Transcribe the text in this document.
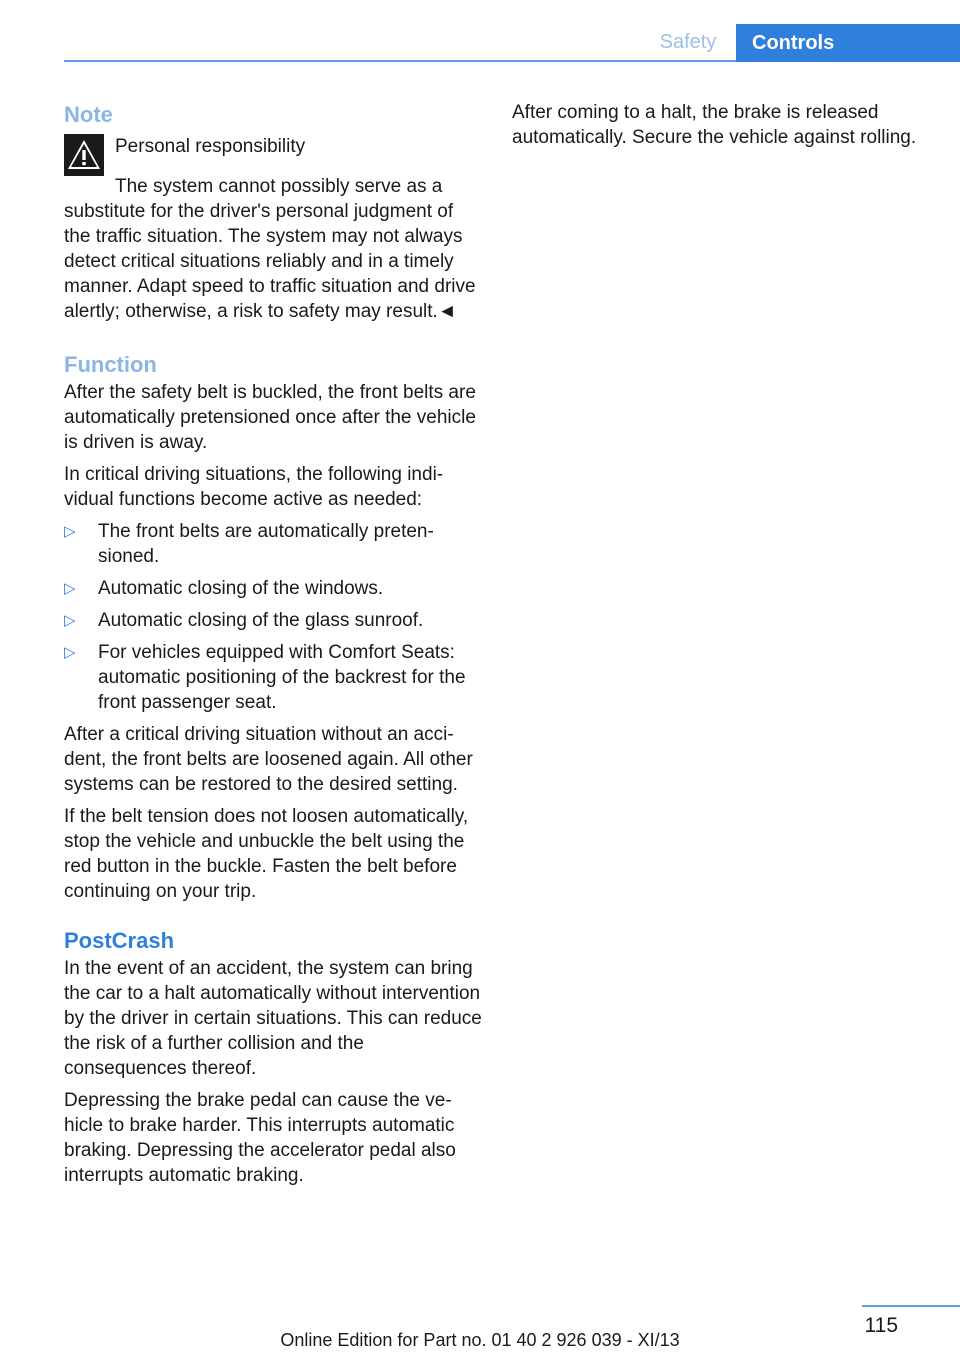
Safety	Controls
Note
Personal responsibility

The system cannot possibly serve as a substitute for the driver's personal judgment of the traffic situation. The system may not always detect critical situations reliably and in a timely manner. Adapt speed to traffic situation and drive alertly; otherwise, a risk to safety may result.◄

Function

After the safety belt is buckled, the front belts are automatically pretensioned once after the vehicle is driven is away.

In critical driving situations, the following individual functions become active as needed:

▷	The front belts are automatically pretensioned.
▷	Automatic closing of the windows.
▷	Automatic closing of the glass sunroof.
▷	For vehicles equipped with Comfort Seats: automatic positioning of the backrest for the front passenger seat.

After a critical driving situation without an accident, the front belts are loosened again. All other systems can be restored to the desired setting.

If the belt tension does not loosen automatically, stop the vehicle and unbuckle the belt using the red button in the buckle. Fasten the belt before continuing on your trip.

PostCrash

In the event of an accident, the system can bring the car to a halt automatically without intervention by the driver in certain situations. This can reduce the risk of a further collision and the consequences thereof.

Depressing the brake pedal can cause the vehicle to brake harder. This interrupts automatic braking. Depressing the accelerator pedal also interrupts automatic braking.

After coming to a halt, the brake is released automatically. Secure the vehicle against rolling.

115
Online Edition for Part no. 01 40 2 926 039 - XI/13
